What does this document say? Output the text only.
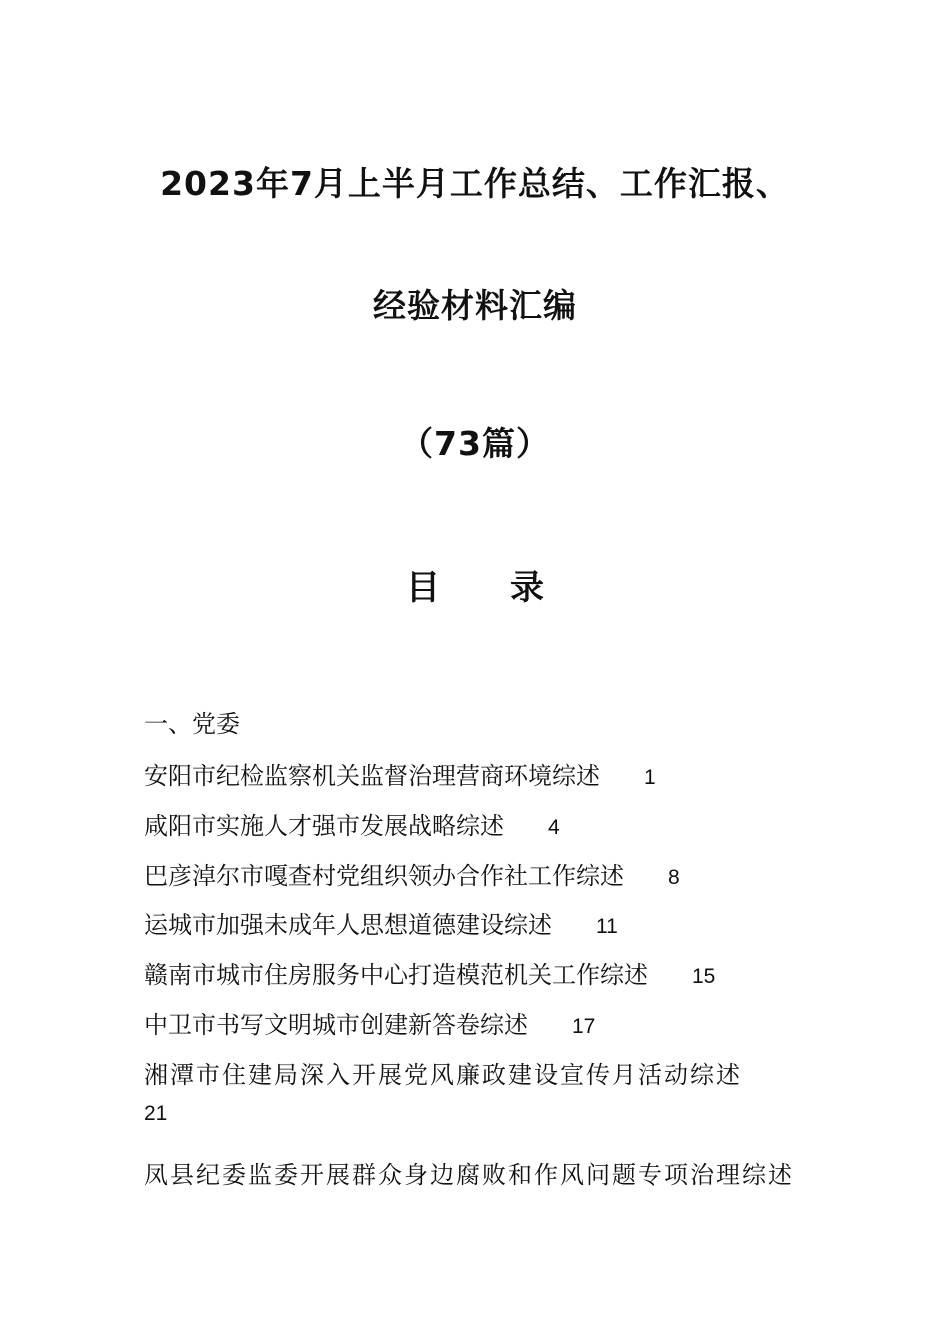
2023年7月上半月工作总结、工作汇报、
经验材料汇编
（73篇）
目 录
一、党委
安阳市纪检监察机关监督治理营商环境综述 1
咸阳市实施人才强市发展战略综述 4
巴彦淖尔市嘎查村党组织领办合作社工作综述 8
运城市加强未成年人思想道德建设综述 11
赣南市城市住房服务中心打造模范机关工作综述 15
中卫市书写文明城市创建新答卷综述 17
湘潭市住建局深入开展党风廉政建设宣传月活动综述
21
凤县纪委监委开展群众身边腐败和作风问题专项治理综述
